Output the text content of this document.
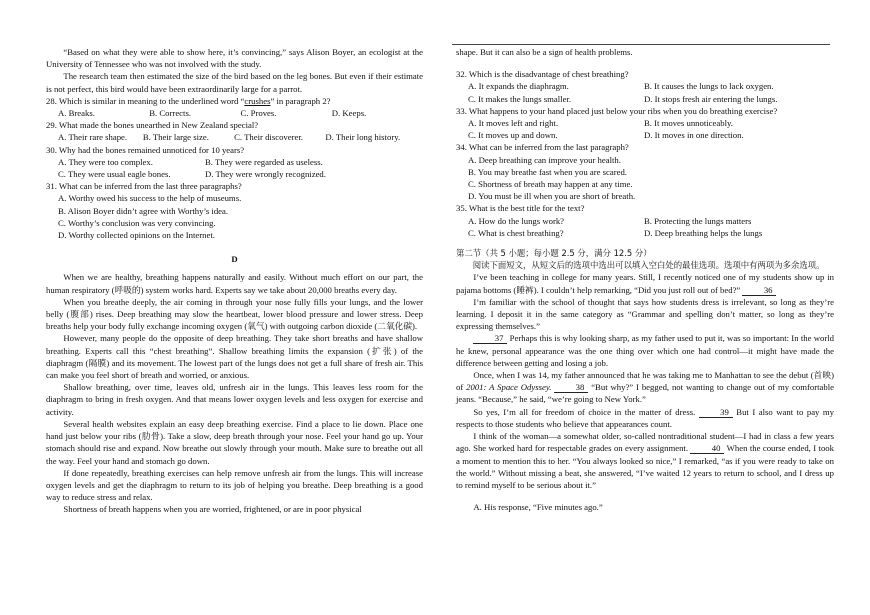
“Based on what they were able to show here, it’s convincing,” says Alison Boyer, an ecologist at the University of Tennessee who was not involved with the study.

The research team then estimated the size of the bird based on the leg bones. But even if their estimate is not perfect, this bird would have been extraordinarily large for a parrot.

28. Which is similar in meaning to the underlined word “crushes” in paragraph 2?

A. Breaks.	B. Corrects.	C. Proves.	D. Keeps.

29. What made the bones unearthed in New Zealand special?

A. Their rare shape.	B. Their large size.	C. Their discoverer.	D. Their long history.

30. Why had the bones remained unnoticed for 10 years?

A. They were too complex.	B. They were regarded as useless.
C. They were usual eagle bones.	D. They were wrongly recognized.

31. What can be inferred from the last three paragraphs?

A. Worthy owed his success to the help of museums.

B. Alison Boyer didn’t agree with Worthy’s idea.

C. Worthy’s conclusion was very convincing.

D. Worthy collected opinions on the Internet.

D

When we are healthy, breathing happens naturally and easily. Without much effort on our part, the human respiratory (呼吸的) system works hard. Experts say we take about 20,000 breaths every day.

When you breathe deeply, the air coming in through your nose fully fills your lungs, and the lower belly (腹部) rises. Deep breathing may slow the heartbeat, lower blood pressure and lower stress. Deep breaths help your body fully exchange incoming oxygen (氧气) with outgoing carbon dioxide (二氧化碳).

However, many people do the opposite of deep breathing. They take short breaths and have shallow breathing. Experts call this “chest breathing”. Shallow breathing limits the expansion (扩张) of the diaphragm (隔膜) and its movement. The lowest part of the lungs does not get a full share of fresh air. This can make you feel short of breath and worried, or anxious.

Shallow breathing, over time, leaves old, unfresh air in the lungs. This leaves less room for the diaphragm to bring in fresh oxygen. And that means lower oxygen levels and less oxygen for exercise and activity.

Several health websites explain an easy deep breathing exercise. Find a place to lie down. Place one hand just below your ribs (肋骨). Take a slow, deep breath through your nose. Feel your hand go up. Your stomach should rise and expand. Now breathe out slowly through your mouth. Make sure to breathe out all the way. Feel your hand and stomach go down.

If done repeatedly, breathing exercises can help remove unfresh air from the lungs. This will increase oxygen levels and get the diaphragm to return to its job of helping you breathe. Deep breathing is a good way to reduce stress and relax.

Shortness of breath happens when you are worried, frightened, or are in poor physical

shape. But it can also be a sign of health problems.

32. Which is the disadvantage of chest breathing?

A. It expands the diaphragm.	B. It causes the lungs to lack oxygen.
C. It makes the lungs smaller.	D. It stops fresh air entering the lungs.

33. What happens to your hand placed just below your ribs when you do breathing exercise?

A. It moves left and right.	B. It moves unnoticeably.
C. It moves up and down.	D. It moves in one direction.

34. What can be inferred from the last paragraph?

A. Deep breathing can improve your health.

B. You may breathe fast when you are scared.

C. Shortness of breath may happen at any time.

D. You must be ill when you are short of breath.

35. What is the best title for the text?

A. How do the lungs work?	B. Protecting the lungs matters
C. What is chest breathing?	D. Deep breathing helps the lungs

第二节（共 5 小题；每小题 2.5 分，满分 12.5 分）

阅读下面短文，从短文后的选项中选出可以填入空白处的最佳选项。选项中有两项为多余选项。

I’ve been teaching in college for many years. Still, I recently noticed one of my students show up in pajama bottoms (睡裤). I couldn’t help remarking, “Did you just roll out of bed?”	36

I’m familiar with the school of thought that says how students dress is irrelevant, so long as they’re learning. I deposit it in the same category as “Grammar and spelling don’t matter, so long as they’re expressing themselves.”

37 Perhaps this is why looking sharp, as my father used to put it, was so important: In the world he knew, personal appearance was the one thing over which one had control—it might have made the difference between getting and losing a job.

Once, when I was 14, my father announced that he was taking me to Manhattan to see the debut (首映) of 2001: A Space Odyssey.	38 “But why?” I begged, not wanting to change out of my comfortable jeans. “Because,” he said, “we’re going to New York.”

So yes, I’m all for freedom of choice in the matter of dress.	39 But I also want to pay my respects to those students who believe that appearances count.

I think of the woman—a somewhat older, so-called nontraditional student—I had in class a few years ago. She worked hard for respectable grades on every assignment.	40 When the course ended, I took a moment to mention this to her. “You always looked so nice,” I remarked, “as if you were ready to take on the world.” Without missing a beat, she answered, “I’ve waited 12 years to return to school, and I dress up to remind myself to be serious about it.”

A. His response, “Five minutes ago.”
